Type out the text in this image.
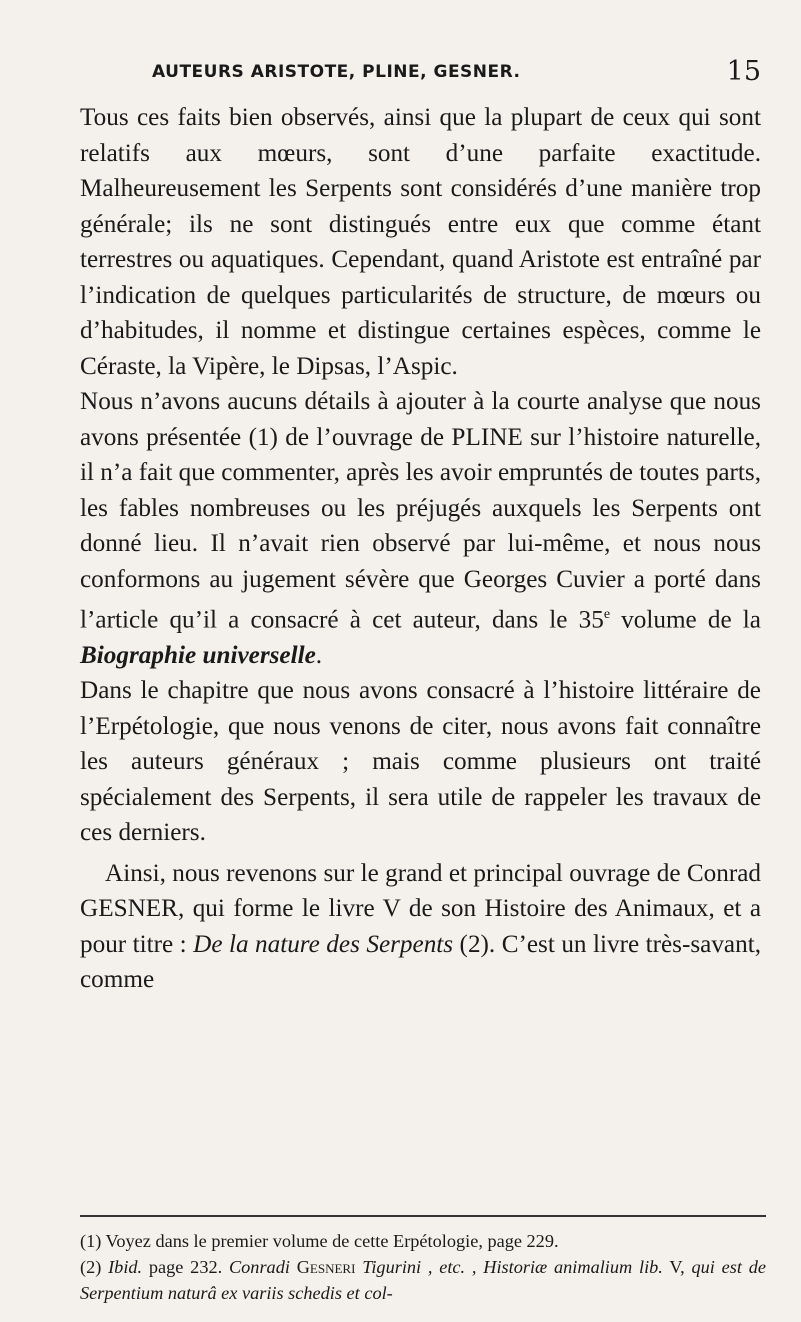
AUTEURS ARISTOTE, PLINE, GESNER.	15

Tous ces faits bien observés, ainsi que la plupart de ceux qui sont relatifs aux mœurs, sont d’une parfaite exactitude. Malheureusement les Serpents sont considérés d’une manière trop générale; ils ne sont distingués entre eux que comme étant terrestres ou aquatiques. Cependant, quand Aristote est entraîné par l’indication de quelques particularités de structure, de mœurs ou d’habitudes, il nomme et distingue certaines espèces, comme le Céraste, la Vipère, le Dipsas, l’Aspic.

Nous n’avons aucuns détails à ajouter à la courte analyse que nous avons présentée (1) de l’ouvrage de PLINE sur l’histoire naturelle, il n’a fait que commenter, après les avoir empruntés de toutes parts, les fables nombreuses ou les préjugés auxquels les Serpents ont donné lieu. Il n’avait rien observé par lui-même, et nous nous conformons au jugement sévère que Georges Cuvier a porté dans l’article qu’il a consacré à cet auteur, dans le 35e volume de la Biographie universelle.

Dans le chapitre que nous avons consacré à l’histoire littéraire de l’Erpétologie, que nous venons de citer, nous avons fait connaître les auteurs généraux ; mais comme plusieurs ont traité spécialement des Serpents, il sera utile de rappeler les travaux de ces derniers.

Ainsi, nous revenons sur le grand et principal ouvrage de Conrad GESNER, qui forme le livre V de son Histoire des Animaux, et a pour titre : De la nature des Serpents (2). C’est un livre très-savant, comme

(1) Voyez dans le premier volume de cette Erpétologie, page 229.

(2) Ibid. page 232. Conradi Gesneri Tigurini , etc. , Historiæ animalium lib. V, qui est de Serpentium naturâ ex variis schedis et col-
